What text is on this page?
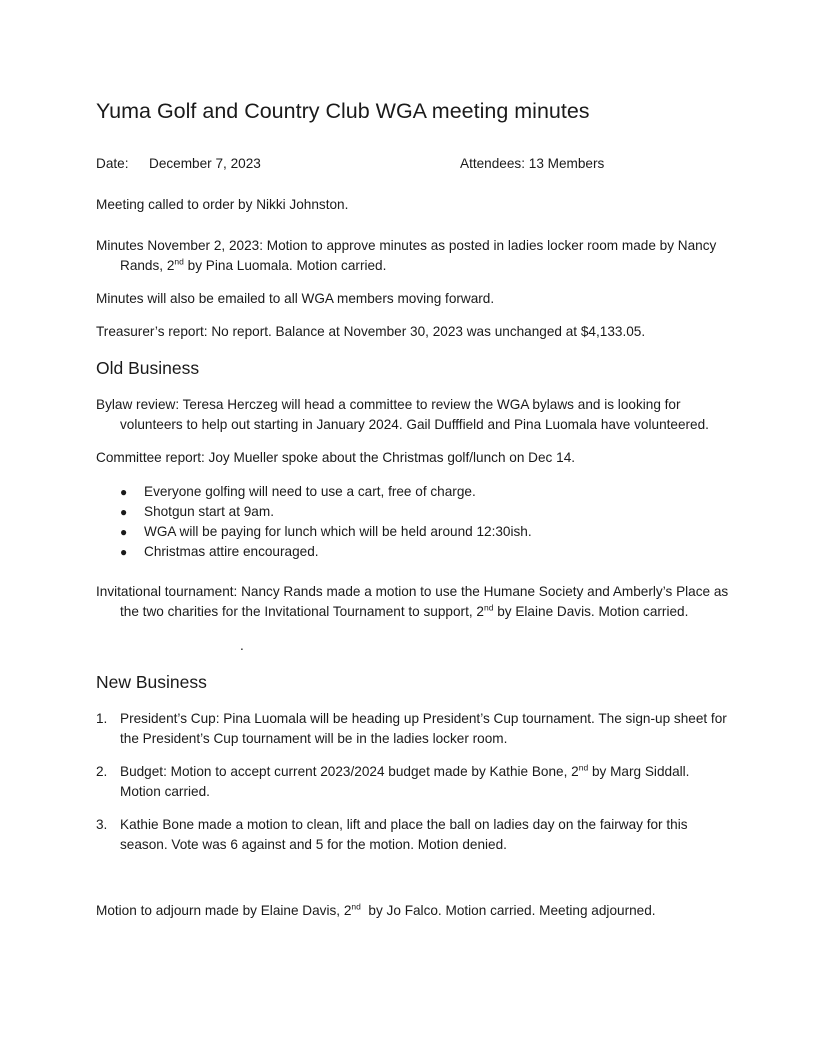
Yuma Golf and Country Club WGA meeting minutes
Date: December 7, 2023	Attendees: 13 Members
Meeting called to order by Nikki Johnston.
Minutes November 2, 2023: Motion to approve minutes as posted in ladies locker room made by Nancy
Rands, 2nd by Pina Luomala. Motion carried.
Minutes will also be emailed to all WGA members moving forward.
Treasurer’s report: No report. Balance at November 30, 2023 was unchanged at $4,133.05.
Old Business
Bylaw review: Teresa Herczeg will head a committee to review the WGA bylaws and is looking for
volunteers to help out starting in January 2024. Gail Dufffield and Pina Luomala have volunteered.
Committee report: Joy Mueller spoke about the Christmas golf/lunch on Dec 14.
● Everyone golfing will need to use a cart, free of charge.
● Shotgun start at 9am.
● WGA will be paying for lunch which will be held around 12:30ish.
● Christmas attire encouraged.
Invitational tournament: Nancy Rands made a motion to use the Humane Society and Amberly’s Place as
the two charities for the Invitational Tournament to support, 2nd by Elaine Davis. Motion carried.
.
New Business
1. President’s Cup: Pina Luomala will be heading up President’s Cup tournament. The sign-up sheet for
the President’s Cup tournament will be in the ladies locker room.
2. Budget: Motion to accept current 2023/2024 budget made by Kathie Bone, 2nd by Marg Siddall.
Motion carried.
3. Kathie Bone made a motion to clean, lift and place the ball on ladies day on the fairway for this
season. Vote was 6 against and 5 for the motion. Motion denied.
Motion to adjourn made by Elaine Davis, 2nd  by Jo Falco. Motion carried. Meeting adjourned.
